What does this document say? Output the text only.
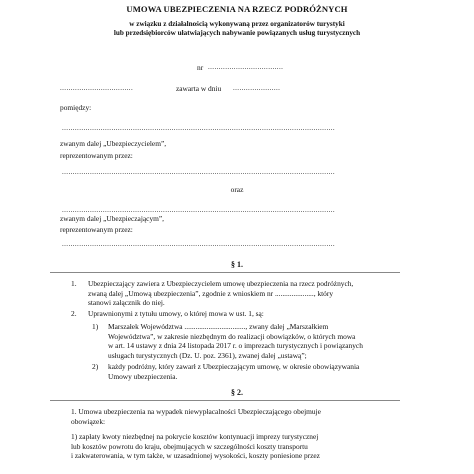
UMOWA UBEZPIECZENIA NA RZECZ PODRÓŻNYCH
w związku z działalnością wykonywaną przez organizatorów turystyki
lub przedsiębiorców ułatwiających nabywanie powiązanych usług turystycznych
nr ...................................
..................................	zawarta w dniu ......................
pomiędzy:
...............................................................................................................................
zwanym dalej „Ubezpieczycielem”,
reprezentowanym przez:
...............................................................................................................................
oraz
...............................................................................................................................
zwanym dalej „Ubezpieczającym”,
reprezentowanym przez:
...............................................................................................................................
§ 1.
1. Ubezpieczający zawiera z Ubezpieczycielem umowę ubezpieczenia na rzecz podróżnych,
zwaną dalej „Umową ubezpieczenia”, zgodnie z wnioskiem nr ....................., który
stanowi załącznik do niej.
2. Uprawnionymi z tytułu umowy, o której mowa w ust. 1, są:
1) Marszałek Województwa ................................., zwany dalej „Marszałkiem
Województwa”, w zakresie niezbędnym do realizacji obowiązków, o których mowa
w art. 14 ustawy z dnia 24 listopada 2017 r. o imprezach turystycznych i powiązanych
usługach turystycznych (Dz. U. poz. 2361), zwanej dalej „ustawą”;
2) każdy podróżny, który zawarł z Ubezpieczającym umowę, w okresie obowiązywania
Umowy ubezpieczenia.
§ 2.
1. Umowa ubezpieczenia na wypadek niewypłacalności Ubezpieczającego obejmuje
obowiązek:
1) zapłaty kwoty niezbędnej na pokrycie kosztów kontynuacji imprezy turystycznej
lub kosztów powrotu do kraju, obejmujących w szczególności koszty transportu
i zakwaterowania, w tym także, w uzasadnionej wysokości, koszty poniesione przez
